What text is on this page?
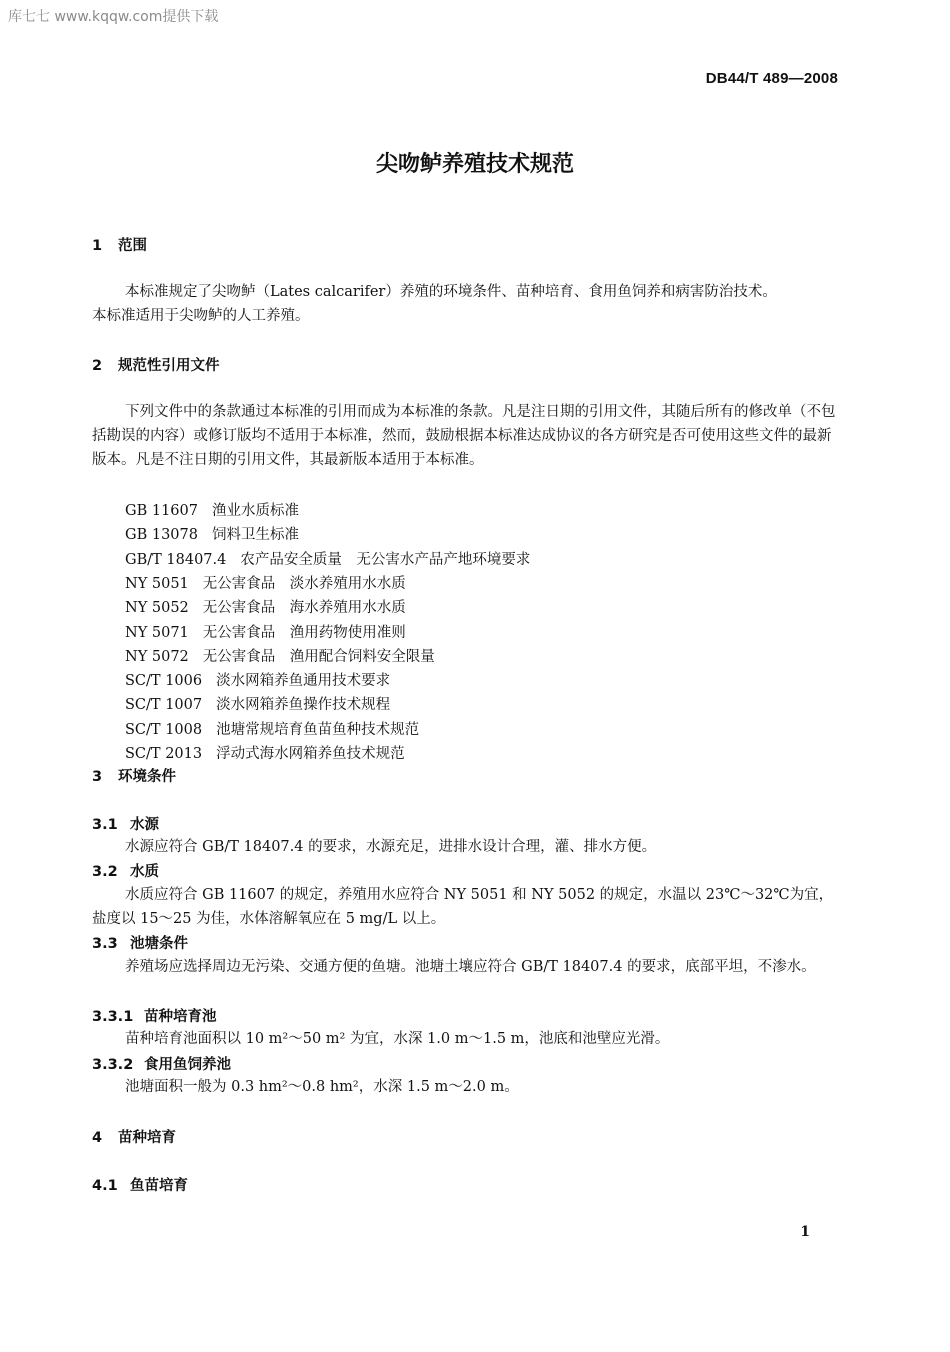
库七七 www.kqqw.com提供下载
DB44/T 489—2008
尖吻鲈养殖技术规范
1 范围
本标准规定了尖吻鲈（Lates calcarifer）养殖的环境条件、苗种培育、食用鱼饲养和病害防治技术。
本标准适用于尖吻鲈的人工养殖。
2 规范性引用文件
下列文件中的条款通过本标准的引用而成为本标准的条款。凡是注日期的引用文件，其随后所有的修改单（不包括勘误的内容）或修订版均不适用于本标准，然而，鼓励根据本标准达成协议的各方研究是否可使用这些文件的最新版本。凡是不注日期的引用文件，其最新版本适用于本标准。
GB 11607 渔业水质标准
GB 13078 饲料卫生标准
GB/T 18407.4 农产品安全质量　无公害水产品产地环境要求
NY 5051 无公害食品　淡水养殖用水水质
NY 5052 无公害食品　海水养殖用水水质
NY 5071 无公害食品　渔用药物使用准则
NY 5072 无公害食品　渔用配合饲料安全限量
SC/T 1006 淡水网箱养鱼通用技术要求
SC/T 1007 淡水网箱养鱼操作技术规程
SC/T 1008 池塘常规培育鱼苗鱼种技术规范
SC/T 2013 浮动式海水网箱养鱼技术规范
3 环境条件
3.1 水源
水源应符合 GB/T 18407.4 的要求，水源充足，进排水设计合理，灌、排水方便。
3.2 水质
水质应符合 GB 11607 的规定，养殖用水应符合 NY 5051 和 NY 5052 的规定，水温以 23℃～32℃为宜，盐度以 15～25 为佳，水体溶解氧应在 5 mg/L 以上。
3.3 池塘条件
养殖场应选择周边无污染、交通方便的鱼塘。池塘土壤应符合 GB/T 18407.4 的要求，底部平坦，不渗水。
3.3.1 苗种培育池
苗种培育池面积以 10 m²～50 m² 为宜，水深 1.0 m～1.5 m，池底和池壁应光滑。
3.3.2 食用鱼饲养池
池塘面积一般为 0.3 hm²～0.8 hm²，水深 1.5 m～2.0 m。
4 苗种培育
4.1 鱼苗培育
1
